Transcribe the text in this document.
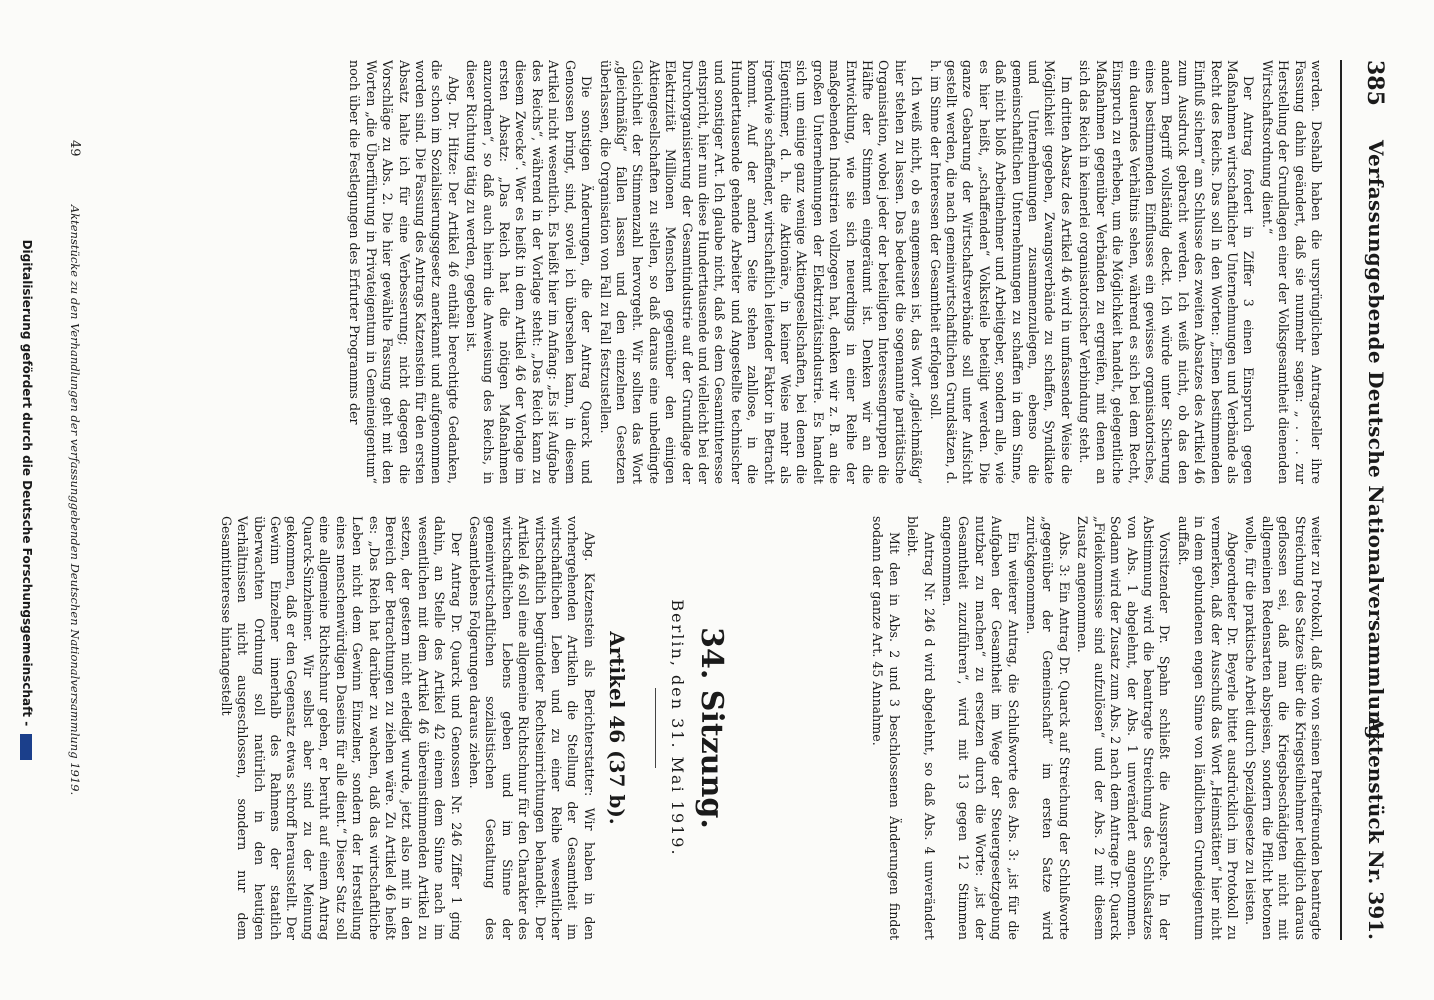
385
Verfassunggebende Deutsche Nationalversammlung.
Aktenstück Nr. 391.

werden. Deshalb haben die ursprünglichen Antragsteller ihre Fassung dahin geändert, daß sie nunmehr sagen: „ . . . zur Herstellung der Grundlagen einer der Volksgesamtheit dienenden Wirtschaftsordnung dient.“

Der Antrag fordert in Ziffer 3 einen Einspruch gegen Maßnahmen wirtschaftlicher Unternehmungen und Verbände als Recht des Reichs. Das soll in den Worten: „Einen bestimmenden Einfluß sichern“ am Schlusse des zweiten Absatzes des Artikel 46 zum Ausdruck gebracht werden. Ich weiß nicht, ob das den andern Begriff vollständig deckt. Ich würde unter Sicherung eines bestimmenden Einflusses ein gewisses organisatorisches, ein dauerndes Verhältnis sehen, während es sich bei dem Recht, Einspruch zu erheben, um die Möglichkeit handelt, gelegentliche Maßnahmen gegenüber Verbänden zu ergreifen, mit denen an sich das Reich in keinerlei organisatorischer Verbindung steht.

Im dritten Absatz des Artikel 46 wird in umfassender Weise die Möglichkeit gegeben, Zwangsverbände zu schaffen, Syndikate und Unternehmungen zusammenzulegen, ebenso die gemeinschaftlichen Unternehmungen zu schaffen in dem Sinne, daß nicht bloß Arbeitnehmer und Arbeitgeber, sondern alle, wie es hier heißt, „schaffenden“ Volksteile beteiligt werden. Die ganze Gebarung der Wirtschaftsverbände soll unter Aufsicht gestellt werden, die nach gemeinwirtschaftlichen Grundsätzen, d. h. im Sinne der Interessen der Gesamtheit erfolgen soll.

Ich weiß nicht, ob es angemessen ist, das Wort „gleichmäßig“ hier stehen zu lassen. Das bedeutet die sogenannte paritätische Organisation, wobei jeder der beteiligten Interessengruppen die Hälfte der Stimmen eingeräumt ist. Denken wir an die Entwicklung, wie sie sich neuerdings in einer Reihe der maßgebenden Industrien vollzogen hat, denken wir z. B. an die großen Unternehmungen der Elektrizitätsindustrie. Es handelt sich um einige ganz wenige Aktiengesellschaften, bei denen die Eigentümer, d. h. die Aktionäre, in keiner Weise mehr als irgendwie schaffender, wirtschaftlich leitender Faktor in Betracht kommt. Auf der andern Seite stehen zahllose, in die Hunderttausende gehende Arbeiter und Angestellte technischer und sonstiger Art. Ich glaube nicht, daß es dem Gesamtinteresse entspricht, hier nun diese Hunderttausende und vielleicht bei der Durchorganisierung der Gesamtindustrie auf der Grundlage der Elektrizität Millionen Menschen gegenüber den einigen Aktiengesellschaften zu stellen, so daß daraus eine unbedingte Gleichheit der Stimmenzahl hervorgeht. Wir sollten das Wort „gleichmäßig“ fallen lassen und den einzelnen Gesetzen überlassen, die Organisation von Fall zu Fall festzustellen.

Die sonstigen Änderungen, die der Antrag Quarck und Genossen bringt, sind, soviel ich übersehen kann, in diesem Artikel nicht wesentlich. Es heißt hier im Anfang: „Es ist Aufgabe des Reichs“, während in der Vorlage steht: „Das Reich kann zu diesem Zwecke“. Wer es heißt in dem Artikel 46 der Vorlage im ersten Absatz: „Das Reich hat die nötigen Maßnahmen anzuordnen“, so daß auch hierin die Anweisung des Reichs, in dieser Richtung tätig zu werden, gegeben ist.

Abg. Dr. Hitze: Der Artikel 46 enthält berechtigte Gedanken, die schon im Sozialisierungsgesetz anerkannt und aufgenommen worden sind. Die Fassung des Antrags Katzenstein für den ersten Absatz halte ich für eine Verbesserung; nicht dagegen die Vorschläge zu Abs. 2. Die hier gewählte Fassung geht mit den Worten „die Überführung in Privateigentum in Gemeineigentum“ noch über die Festlegungen des Erfurter Programms der

weiter zu Protokoll, daß die von seinen Parteifreunden beantragte Streichung des Satzes über die Kriegsteilnehmer lediglich daraus geflossen sei, daß man die Kriegsbeschädigten nicht mit allgemeinen Redensarten abspeisen, sondern die Pflicht betonen wolle, für die praktische Arbeit durch Spezialgesetze zu leisten.

Abgeordneter Dr. Beyerle bittet ausdrücklich im Protokoll zu vermerken, daß der Ausschuß das Wort „Heimstätten“ hier nicht in dem gebundenen engen Sinne von ländlichem Grundeigentum auffaßt.

Vorsitzender Dr. Spahn schließt die Aussprache. In der Abstimmung wird die beantragte Streichung des Schlußsatzes von Abs. 1 abgelehnt, der Abs. 1 unverändert angenommen. Sodann wird der Zusatz zum Abs. 2 nach dem Antrage Dr. Quarck „Fideikommisse sind aufzulösen“ und der Abs. 2 mit diesem Zusatz angenommen.

Abs. 3: Ein Antrag Dr. Quarck auf Streichung der Schlußworte „gegenüber der Gemeinschaft“ im ersten Satze wird zurückgenommen.

Ein weiterer Antrag, die Schlußworte des Abs. 3: „ist für die Aufgaben der Gesamtheit im Wege der Steuergesetzgebung nutzbar zu machen“ zu ersetzen durch die Worte: „ist der Gesamtheit zuzuführen“, wird mit 13 gegen 12 Stimmen angenommen.

Antrag Nr. 246 d wird abgelehnt, so daß Abs. 4 unverändert bleibt.

Mit den in Abs. 2 und 3 beschlossenen Änderungen findet sodann der ganze Art. 45 Annahme.

34. Sitzung.
Berlin, den 31. Mai 1919.
Artikel 46 (37 b).

Abg. Katzenstein als Berichterstatter: Wir haben in den vorhergehenden Artikeln die Stellung der Gesamtheit im wirtschaftlichen Leben und zu einer Reihe wesentlicher wirtschaftlich begründeter Rechtseinrichtungen behandelt. Der Artikel 46 soll eine allgemeine Richtschnur für den Charakter des wirtschaftlichen Lebens geben und im Sinne der gemeinwirtschaftlichen sozialistischen Gestaltung des Gesamtlebens Folgerungen daraus ziehen.

Der Antrag Dr. Quarck und Genossen Nr. 246 Ziffer 1 ging dahin, an Stelle des Artikel 42 einem dem Sinne nach im wesentlichen mit dem Artikel 46 übereinstimmenden Artikel zu setzen, der gestern nicht erledigt wurde, jetzt also mit in den Bereich der Betrachtungen zu ziehen wäre. Zu Artikel 46 heißt es: „Das Reich hat darüber zu wachen, daß das wirtschaftliche Leben nicht dem Gewinn Einzelner, sondern der Herstellung eines menschenwürdigen Daseins für alle dient.“ Dieser Satz soll eine allgemeine Richtschnur geben, er beruht auf einem Antrag Quarck-Sinzheimer. Wir selbst aber sind zu der Meinung gekommen, daß er den Gegensatz etwas schroff herausstellt. Der Gewinn Einzelner innerhalb des Rahmens der staatlich überwachten Ordnung soll natürlich in den heutigen Verhältnissen nicht ausgeschlossen, sondern nur dem Gesamtinteresse hintangestellt

Aktenstücke zu den Verhandlungen der verfassunggebenden Deutschen Nationalversammlung 1919.
49
Digitalisierung gefördert durch die Deutsche Forschungsgemeinschaft -
